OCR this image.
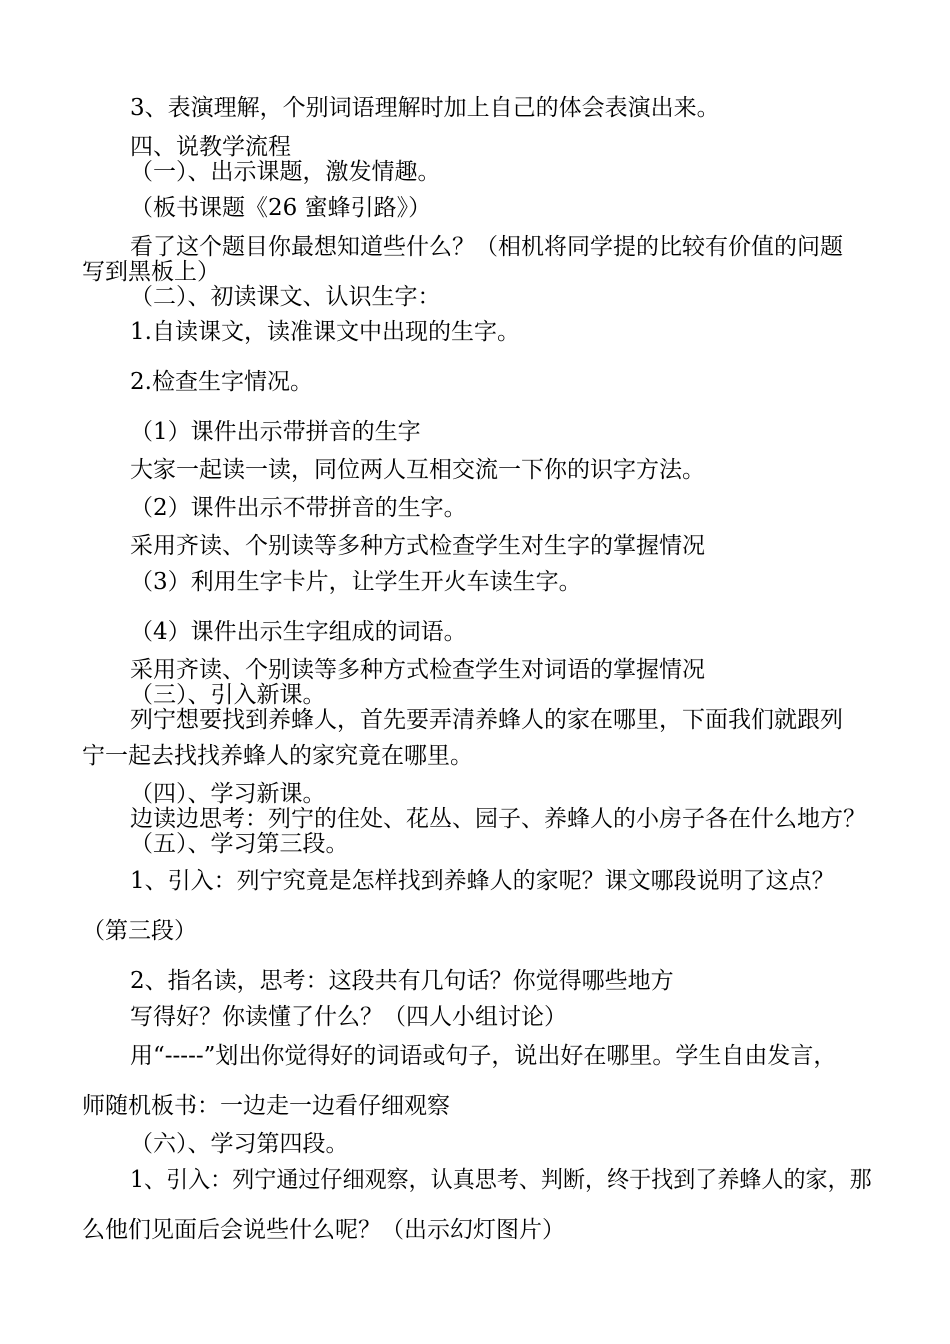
3、表演理解，个别词语理解时加上自己的体会表演出来。

四、说教学流程

（一）、出示课题，激发情趣。

（板书课题《26 蜜蜂引路》）

看了这个题目你最想知道些什么？（相机将同学提的比较有价值的问题

写到黑板上）

（二）、初读课文、认识生字：

1.自读课文，读准课文中出现的生字。

2.检查生字情况。

（1）课件出示带拼音的生字

大家一起读一读，同位两人互相交流一下你的识字方法。

（2）课件出示不带拼音的生字。

采用齐读、个别读等多种方式检查学生对生字的掌握情况

（3）利用生字卡片，让学生开火车读生字。

（4）课件出示生字组成的词语。

采用齐读、个别读等多种方式检查学生对词语的掌握情况

（三）、引入新课。

列宁想要找到养蜂人，首先要弄清养蜂人的家在哪里，下面我们就跟列

宁一起去找找养蜂人的家究竟在哪里。

（四）、学习新课。

边读边思考：列宁的住处、花丛、园子、养蜂人的小房子各在什么地方？

（五）、学习第三段。

1、引入：列宁究竟是怎样找到养蜂人的家呢？课文哪段说明了这点？

（第三段）

2、指名读，思考：这段共有几句话？你觉得哪些地方

写得好？你读懂了什么？（四人小组讨论）

用“-----”划出你觉得好的词语或句子，说出好在哪里。学生自由发言，

师随机板书：一边走一边看仔细观察

（六）、学习第四段。

1、引入：列宁通过仔细观察，认真思考、判断，终于找到了养蜂人的家，那

么他们见面后会说些什么呢？（出示幻灯图片）
